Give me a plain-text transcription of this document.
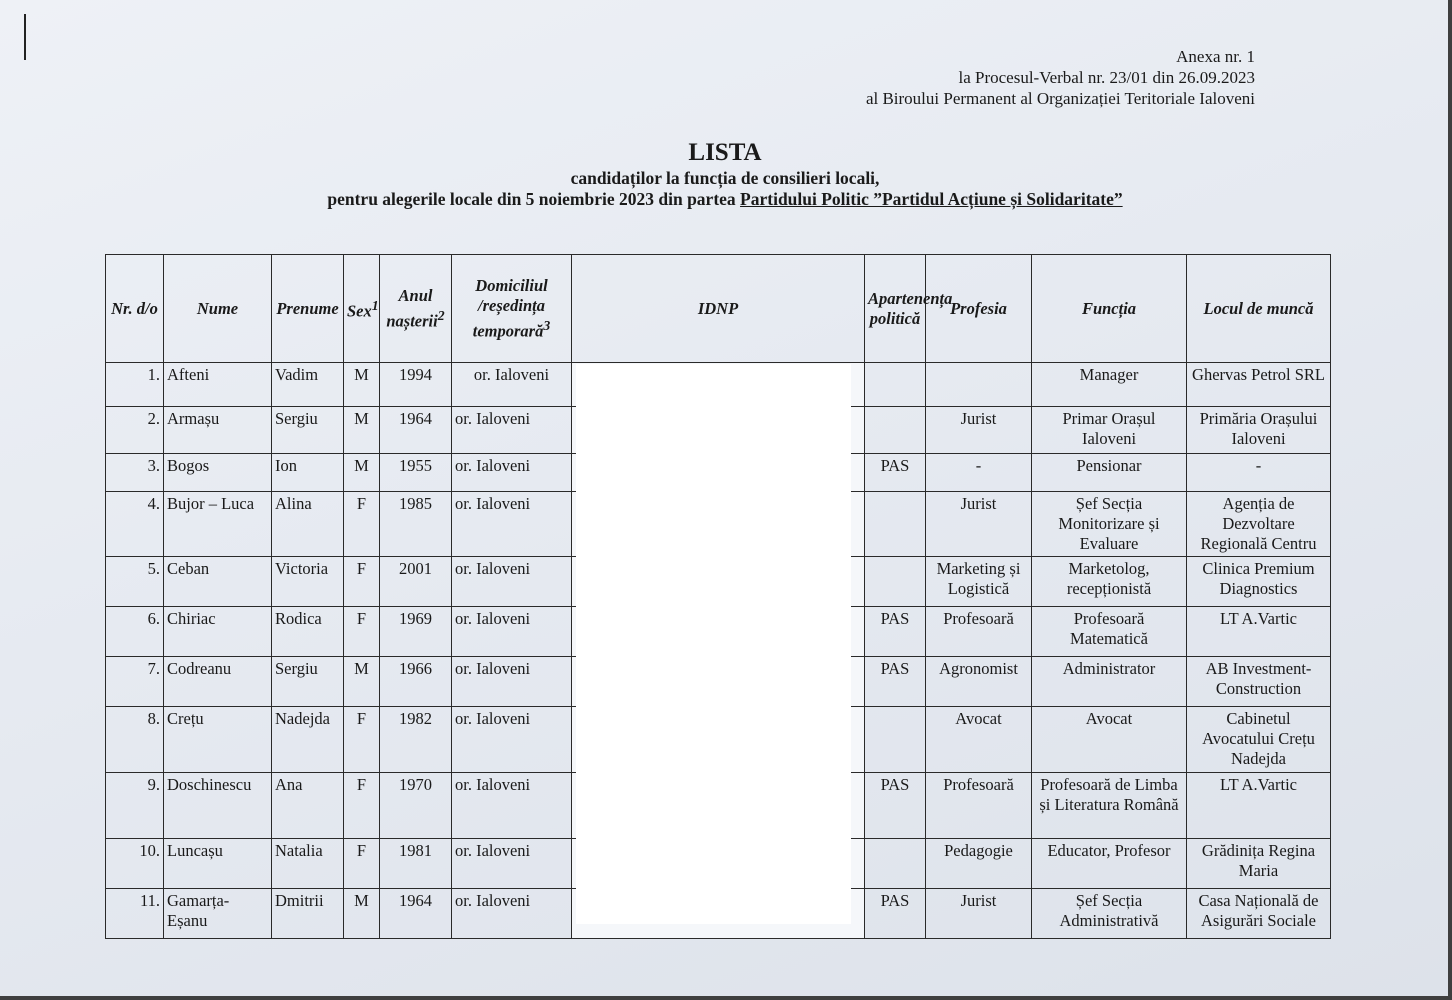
Anexa nr. 1
la Procesul-Verbal nr. 23/01 din 26.09.2023
al Biroului Permanent al Organizației Teritoriale Ialoveni
LISTA
candidaților la funcția de consilieri locali,
pentru alegerile locale din 5 noiembrie 2023 din partea Partidului Politic ”Partidul Acțiune și Solidaritate”
Nr. d/o	Nume	Prenume	Sex$^1$	Anul nașterii$^2$	Domiciliul /reședința temporară$^3$	IDNP	Apartenența politică	Profesia	Funcția	Locul de muncă
1.	Afteni	Vadim	M	1994	or. Ialoveni				Manager	Ghervas Petrol SRL
2.	Armașu	Sergiu	M	1964	or. Ialoveni			Jurist	Primar Orașul Ialoveni	Primăria Orașului Ialoveni
3.	Bogos	Ion	M	1955	or. Ialoveni		PAS	-	Pensionar	-
4.	Bujor – Luca	Alina	F	1985	or. Ialoveni			Jurist	Șef Secția Monitorizare și Evaluare	Agenția de Dezvoltare Regională Centru
5.	Ceban	Victoria	F	2001	or. Ialoveni			Marketing și Logistică	Marketolog, recepționistă	Clinica Premium Diagnostics
6.	Chiriac	Rodica	F	1969	or. Ialoveni		PAS	Profesoară	Profesoară Matematică	LT A.Vartic
7.	Codreanu	Sergiu	M	1966	or. Ialoveni		PAS	Agronomist	Administrator	AB Investment-Construction
8.	Crețu	Nadejda	F	1982	or. Ialoveni			Avocat	Avocat	Cabinetul Avocatului Crețu Nadejda
9.	Doschinescu	Ana	F	1970	or. Ialoveni		PAS	Profesoară	Profesoară de Limba și Literatura Română	LT A.Vartic
10.	Luncașu	Natalia	F	1981	or. Ialoveni			Pedagogie	Educator, Profesor	Grădinița Regina Maria
11.	Gamarța-Eșanu	Dmitrii	M	1964	or. Ialoveni		PAS	Jurist	Șef Secția Administrativă	Casa Națională de Asigurări Sociale
